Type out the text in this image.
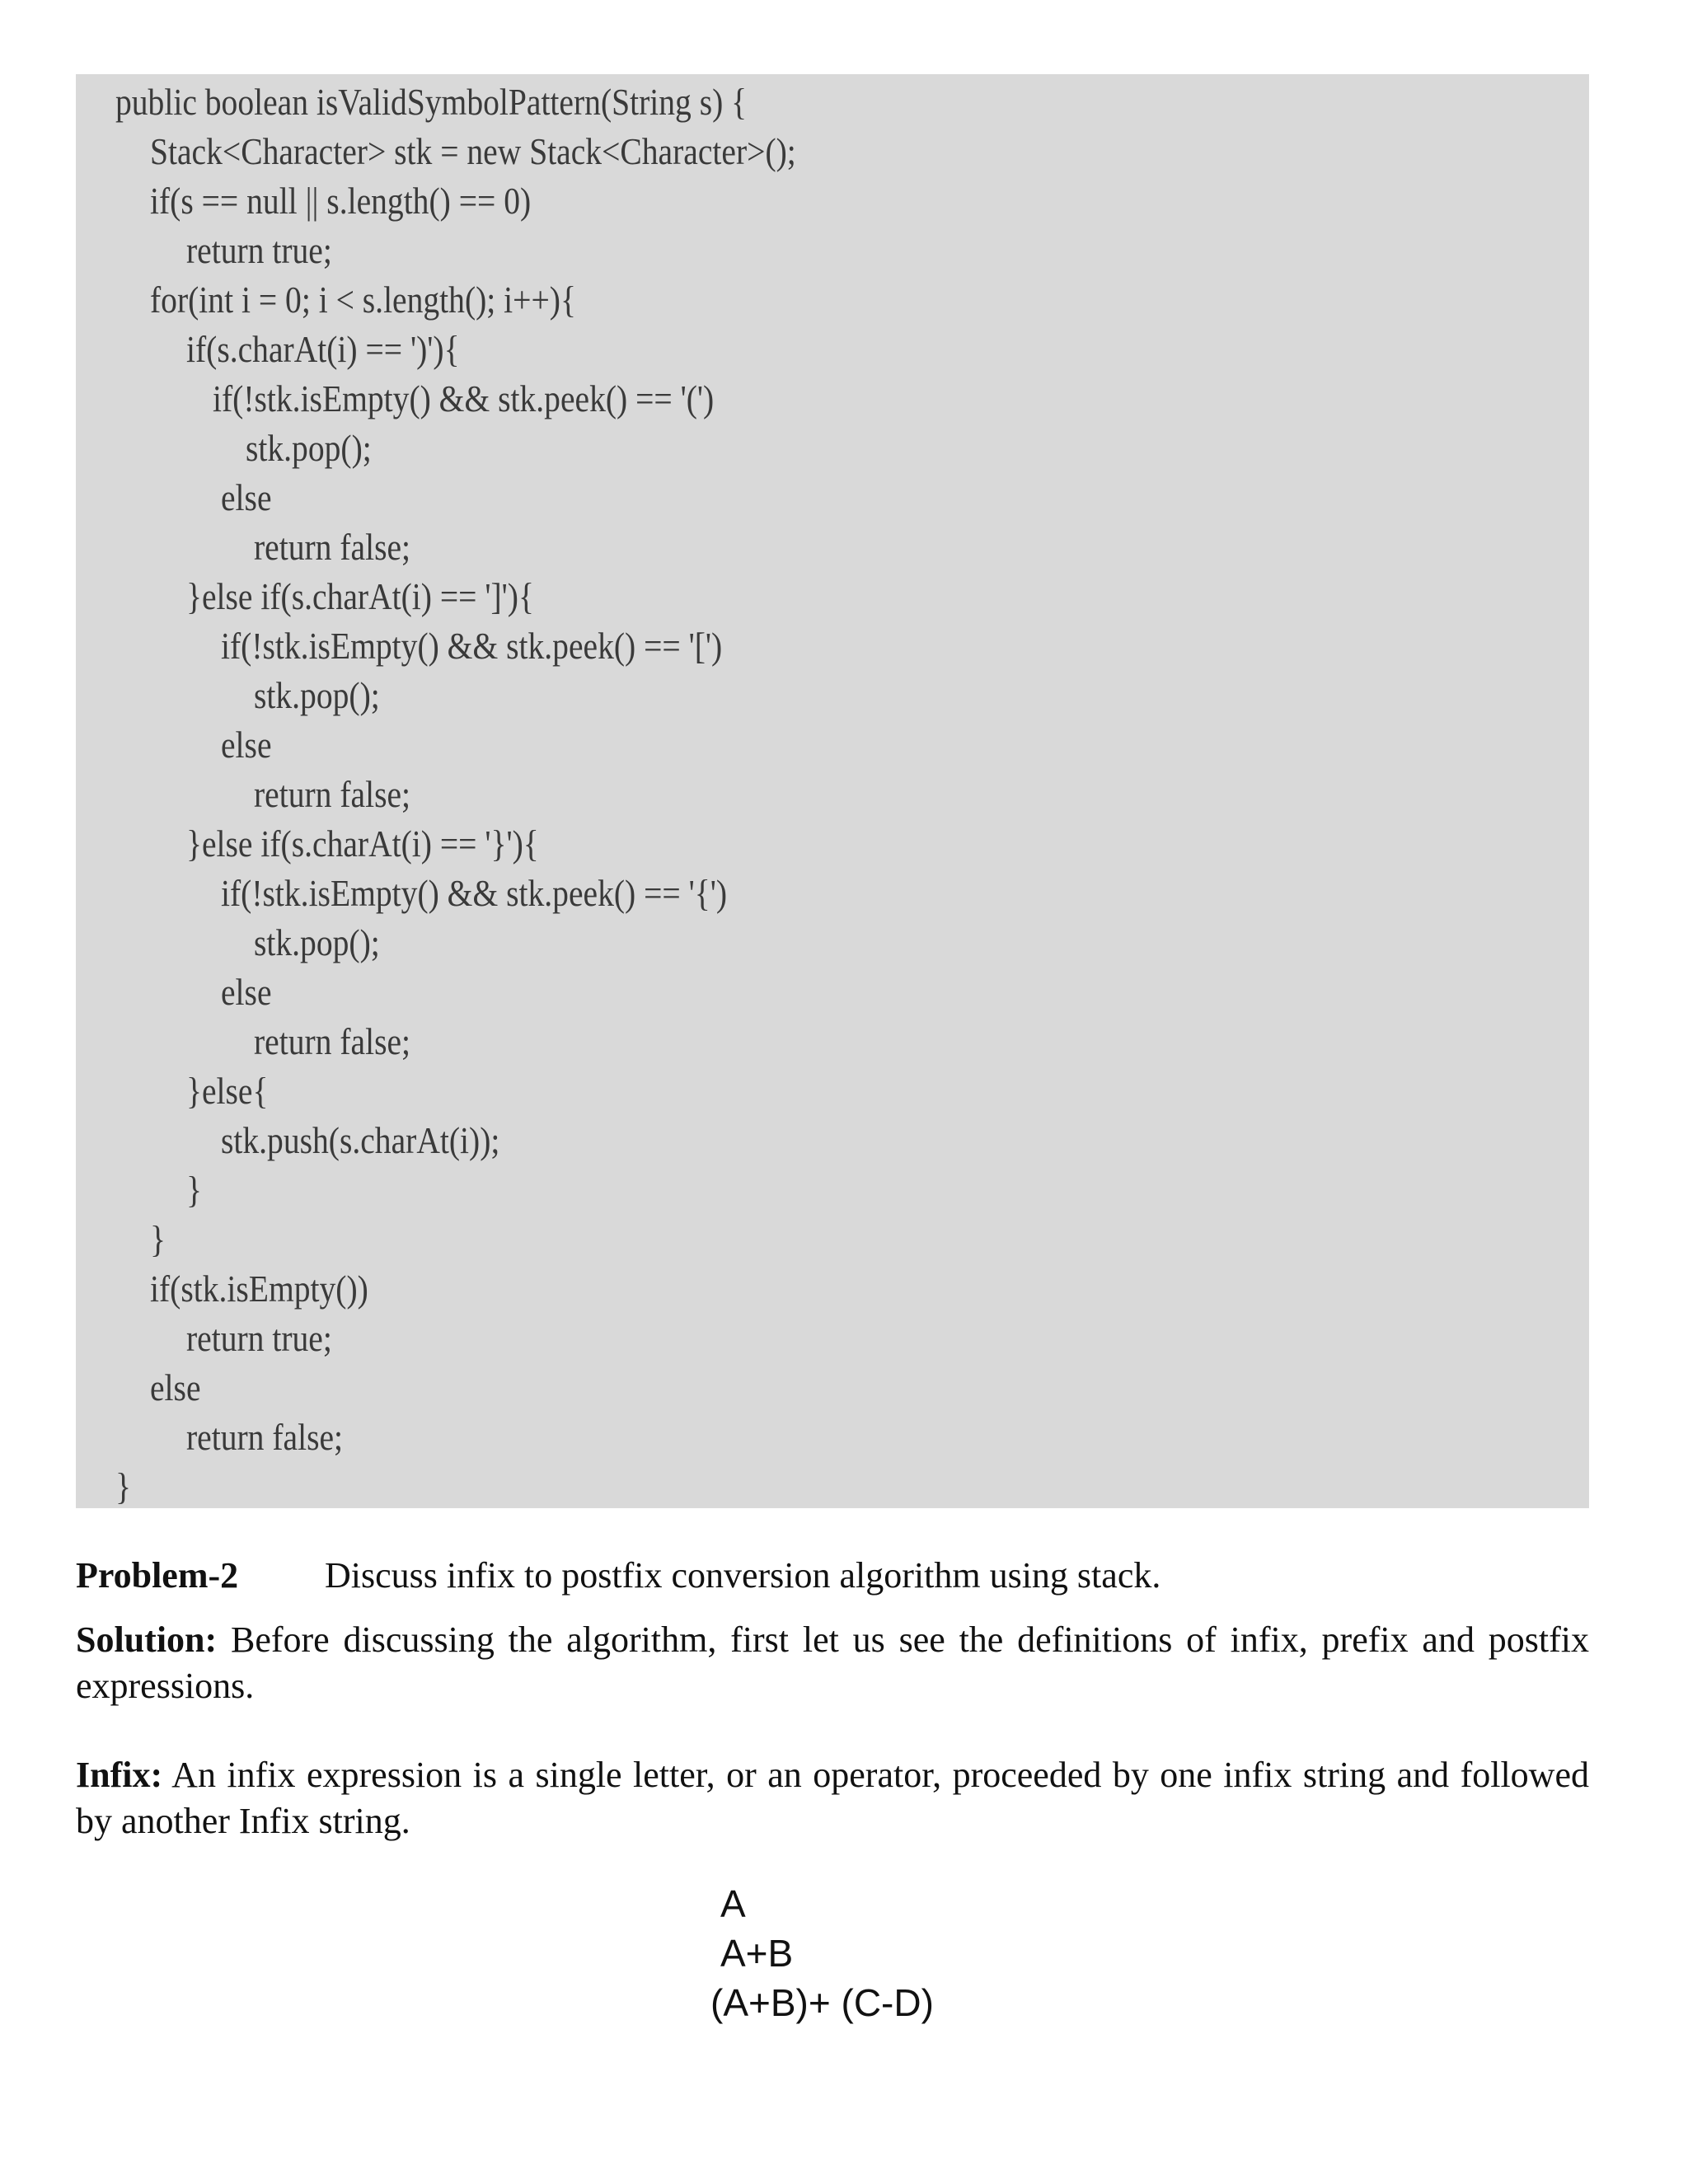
public boolean isValidSymbolPattern(String s) {
Stack<Character> stk = new Stack<Character>();
if(s == null || s.length() == 0)
return true;
for(int i = 0; i < s.length(); i++){
if(s.charAt(i) == ')'){
if(!stk.isEmpty() && stk.peek() == '(')
stk.pop();
else
return false;
}else if(s.charAt(i) == ']'){
if(!stk.isEmpty() && stk.peek() == '[')
stk.pop();
else
return false;
}else if(s.charAt(i) == '}'){
if(!stk.isEmpty() && stk.peek() == '{')
stk.pop();
else
return false;
}else{
stk.push(s.charAt(i));
}
}
if(stk.isEmpty())
return true;
else
return false;
}
Problem-2 Discuss infix to postfix conversion algorithm using stack.
Solution: Before discussing the algorithm, first let us see the definitions of infix, prefix and postfix expressions.
Infix: An infix expression is a single letter, or an operator, proceeded by one infix string and followed by another Infix string.
A
A+B
(A+B)+ (C-D)
